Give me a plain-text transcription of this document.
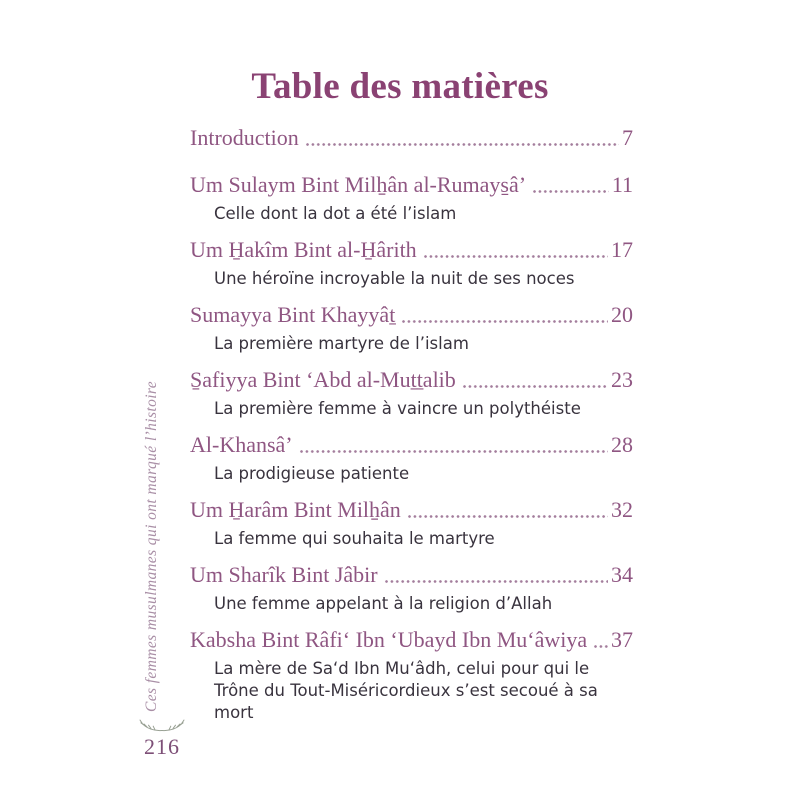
Table des matières
Introduction	7
Um Sulaym Bint Milẖân al-Rumays̱â’	11
Celle dont la dot a été l’islam
Um H̱akîm Bint al-H̱ârith	17
Une héroïne incroyable la nuit de ses noces
Sumayya Bint Khayyâṯ	20
La première martyre de l’islam
S̱afiyya Bint ‘Abd al-Muṯṯalib	23
La première femme à vaincre un polythéiste
Al-Khansâ’	28
La prodigieuse patiente
Um H̱arâm Bint Milẖân	32
La femme qui souhaita le martyre
Um Sharîk Bint Jâbir	34
Une femme appelant à la religion d’Allah
Kabsha Bint Râfi‘ Ibn ‘Ubayd Ibn Mu‘âwiya 37
La mère de Sa‘d Ibn Mu‘âdh, celui pour qui le Trône du Tout-Miséricordieux s’est secoué à sa mort
Ces femmes musulmanes qui ont marqué l’histoire
216
